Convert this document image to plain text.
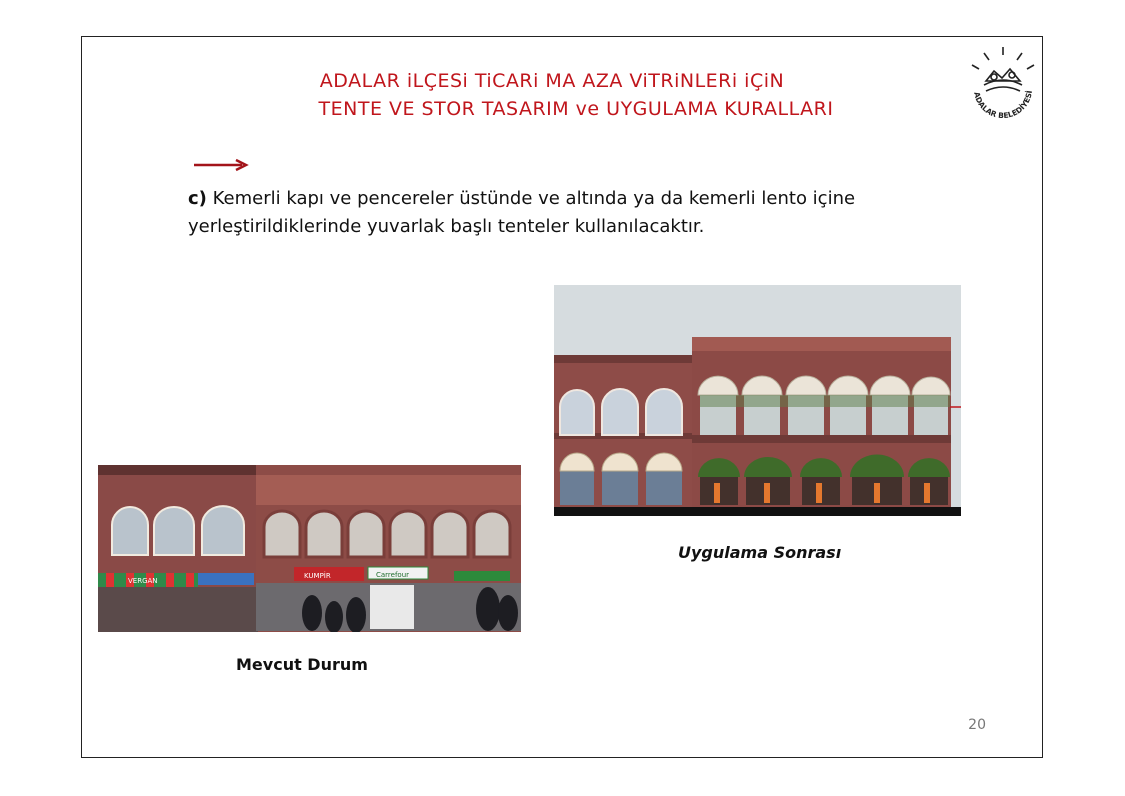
ADALAR iLÇESi TiCARi MA AZA ViTRiNLERi iÇiN
TENTE VE STOR TASARIM ve UYGULAMA KURALLARI
ADALAR BELEDİYESİ
c) Kemerli kapı ve pencereler üstünde ve altında ya da kemerli lento içine yerleştirildiklerinde yuvarlak başlı tenteler kullanılacaktır.
VERGAN
KUMPİR	Carrefour
Uygulama Sonrası
Mevcut Durum
20
